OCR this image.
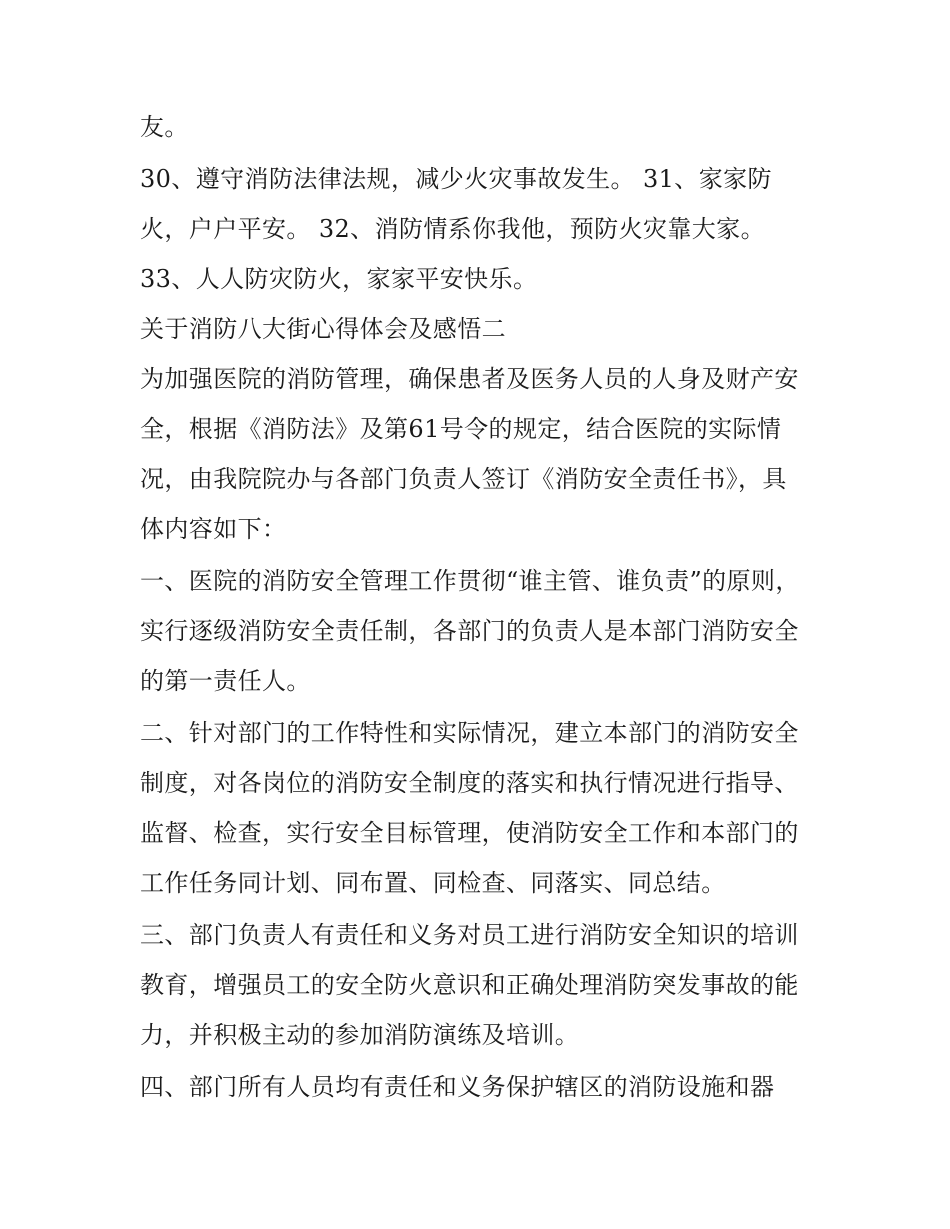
友。
30、遵守消防法律法规，减少火灾事故发生。 31、家家防
火，户户平安。 32、消防情系你我他，预防火灾靠大家。
33、人人防灾防火，家家平安快乐。
关于消防八大街心得体会及感悟二
为加强医院的消防管理，确保患者及医务人员的人身及财产安
全，根据《消防法》及第61号令的规定，结合医院的实际情
况，由我院院办与各部门负责人签订《消防安全责任书》，具
体内容如下：
一、医院的消防安全管理工作贯彻“谁主管、谁负责”的原则，
实行逐级消防安全责任制，各部门的负责人是本部门消防安全
的第一责任人。
二、针对部门的工作特性和实际情况，建立本部门的消防安全
制度，对各岗位的消防安全制度的落实和执行情况进行指导、
监督、检查，实行安全目标管理，使消防安全工作和本部门的
工作任务同计划、同布置、同检查、同落实、同总结。
三、部门负责人有责任和义务对员工进行消防安全知识的培训
教育，增强员工的安全防火意识和正确处理消防突发事故的能
力，并积极主动的参加消防演练及培训。
四、部门所有人员均有责任和义务保护辖区的消防设施和器
